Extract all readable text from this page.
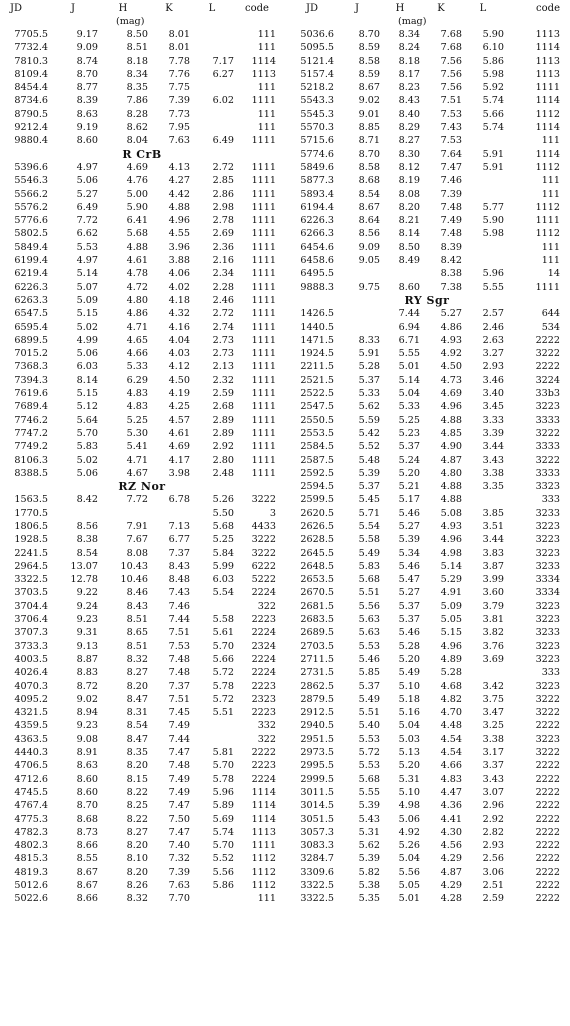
JD	J	H	K	L	code
		(mag)			
7705.5	9.17	8.50	8.01		111
7732.4	9.09	8.51	8.01		111
7810.3	8.74	8.18	7.78	7.17	1114
8109.4	8.70	8.34	7.76	6.27	1113
8454.4	8.77	8.35	7.75		111
8734.6	8.39	7.86	7.39	6.02	1111
8790.5	8.63	8.28	7.73		111
9212.4	9.19	8.62	7.95		111
9880.4	8.60	8.04	7.63	6.49	1111
R CrB					
5396.6	4.97	4.69	4.13	2.72	1111
5546.3	5.06	4.76	4.27	2.85	1111
5566.2	5.27	5.00	4.42	2.86	1111
5576.2	6.49	5.90	4.88	2.98	1111
5776.6	7.72	6.41	4.96	2.78	1111
5802.5	6.62	5.68	4.55	2.69	1111
5849.4	5.53	4.88	3.96	2.36	1111
6199.4	4.97	4.61	3.88	2.16	1111
6219.4	5.14	4.78	4.06	2.34	1111
6226.3	5.07	4.72	4.02	2.28	1111
6263.3	5.09	4.80	4.18	2.46	1111
6547.5	5.15	4.86	4.32	2.72	1111
6595.4	5.02	4.71	4.16	2.74	1111
6899.5	4.99	4.65	4.04	2.73	1111
7015.2	5.06	4.66	4.03	2.73	1111
7368.3	6.03	5.33	4.12	2.13	1111
7394.3	8.14	6.29	4.50	2.32	1111
7619.6	5.15	4.83	4.19	2.59	1111
7689.4	5.12	4.83	4.25	2.68	1111
7746.2	5.64	5.25	4.57	2.89	1111
7747.2	5.70	5.30	4.61	2.89	1111
7749.2	5.83	5.41	4.69	2.92	1111
8106.3	5.02	4.71	4.17	2.80	1111
8388.5	5.06	4.67	3.98	2.48	1111
RZ Nor					
1563.5	8.42	7.72	6.78	5.26	3222
1770.5				5.50	3
1806.5	8.56	7.91	7.13	5.68	4433
1928.5	8.38	7.67	6.77	5.25	3222
2241.5	8.54	8.08	7.37	5.84	3222
2964.5	13.07	10.43	8.43	5.99	6222
3322.5	12.78	10.46	8.48	6.03	5222
3703.5	9.22	8.46	7.43	5.54	2224
3704.4	9.24	8.43	7.46		322
3706.4	9.23	8.51	7.44	5.58	2223
3707.3	9.31	8.65	7.51	5.61	2224
3733.3	9.13	8.51	7.53	5.70	2324
4003.5	8.87	8.32	7.48	5.66	2224
4026.4	8.83	8.27	7.48	5.72	2224
4070.3	8.72	8.20	7.37	5.78	2223
4095.2	9.02	8.47	7.51	5.72	2323
4321.5	8.94	8.31	7.45	5.51	2223
4359.5	9.23	8.54	7.49		332
4363.5	9.08	8.47	7.44		322
4440.3	8.91	8.35	7.47	5.81	2222
4706.5	8.63	8.20	7.48	5.70	2223
4712.6	8.60	8.15	7.49	5.78	2224
4745.5	8.60	8.22	7.49	5.96	1114
4767.4	8.70	8.25	7.47	5.89	1114
4775.3	8.68	8.22	7.50	5.69	1114
4782.3	8.73	8.27	7.47	5.74	1113
4802.3	8.66	8.20	7.40	5.70	1111
4815.3	8.55	8.10	7.32	5.52	1112
4819.3	8.67	8.20	7.39	5.56	1112
5012.6	8.67	8.26	7.63	5.86	1112
5022.6	8.66	8.32	7.70		111
JD	J	H	K	L	code
		(mag)			
5036.6	8.70	8.34	7.68	5.90	1113
5095.5	8.59	8.24	7.68	6.10	1114
5121.4	8.58	8.18	7.56	5.86	1113
5157.4	8.59	8.17	7.56	5.98	1113
5218.2	8.67	8.23	7.56	5.92	1111
5543.3	9.02	8.43	7.51	5.74	1114
5545.3	9.01	8.40	7.53	5.66	1112
5570.3	8.85	8.29	7.43	5.74	1114
5715.6	8.71	8.27	7.53		111
5774.6	8.70	8.30	7.64	5.91	1114
5849.6	8.58	8.12	7.47	5.91	1112
5877.3	8.68	8.19	7.46		111
5893.4	8.54	8.08	7.39		111
6194.4	8.67	8.20	7.48	5.77	1112
6226.3	8.64	8.21	7.49	5.90	1111
6266.3	8.56	8.14	7.48	5.98	1112
6454.6	9.09	8.50	8.39		111
6458.6	9.05	8.49	8.42		111
6495.5			8.38	5.96	14
9888.3	9.75	8.60	7.38	5.55	1111
RY Sgr					
1426.5		7.44	5.27	2.57	644
1440.5		6.94	4.86	2.46	534
1471.5	8.33	6.71	4.93	2.63	2222
1924.5	5.91	5.55	4.92	3.27	3222
2211.5	5.28	5.01	4.50	2.93	2222
2521.5	5.37	5.14	4.73	3.46	3224
2522.5	5.33	5.04	4.69	3.40	33b3
2547.5	5.62	5.33	4.96	3.45	3223
2550.5	5.59	5.25	4.88	3.33	3333
2553.5	5.42	5.23	4.85	3.39	3222
2584.5	5.52	5.37	4.90	3.44	3333
2587.5	5.48	5.24	4.87	3.43	3222
2592.5	5.39	5.20	4.80	3.38	3333
2594.5	5.37	5.21	4.88	3.35	3323
2599.5	5.45	5.17	4.88		333
2620.5	5.71	5.46	5.08	3.85	3233
2626.5	5.54	5.27	4.93	3.51	3223
2628.5	5.58	5.39	4.96	3.44	3223
2645.5	5.49	5.34	4.98	3.83	3223
2648.5	5.83	5.46	5.14	3.87	3233
2653.5	5.68	5.47	5.29	3.99	3334
2670.5	5.51	5.27	4.91	3.60	3334
2681.5	5.56	5.37	5.09	3.79	3223
2683.5	5.63	5.37	5.05	3.81	3223
2689.5	5.63	5.46	5.15	3.82	3233
2703.5	5.53	5.28	4.96	3.76	3223
2711.5	5.46	5.20	4.89	3.69	3223
2731.5	5.85	5.49	5.28		333
2862.5	5.37	5.10	4.68	3.42	3223
2879.5	5.49	5.18	4.82	3.75	3222
2912.5	5.51	5.16	4.70	3.47	3222
2940.5	5.40	5.04	4.48	3.25	2222
2951.5	5.53	5.03	4.54	3.38	3223
2973.5	5.72	5.13	4.54	3.17	3222
2995.5	5.53	5.20	4.66	3.37	2222
2999.5	5.68	5.31	4.83	3.43	2222
3011.5	5.55	5.10	4.47	3.07	2222
3014.5	5.39	4.98	4.36	2.96	2222
3051.5	5.43	5.06	4.41	2.92	2222
3057.3	5.31	4.92	4.30	2.82	2222
3083.3	5.62	5.26	4.56	2.93	2222
3284.7	5.39	5.04	4.29	2.56	2222
3309.6	5.82	5.56	4.87	3.06	2222
3322.5	5.38	5.05	4.29	2.51	2222
3322.5	5.35	5.01	4.28	2.59	2222
